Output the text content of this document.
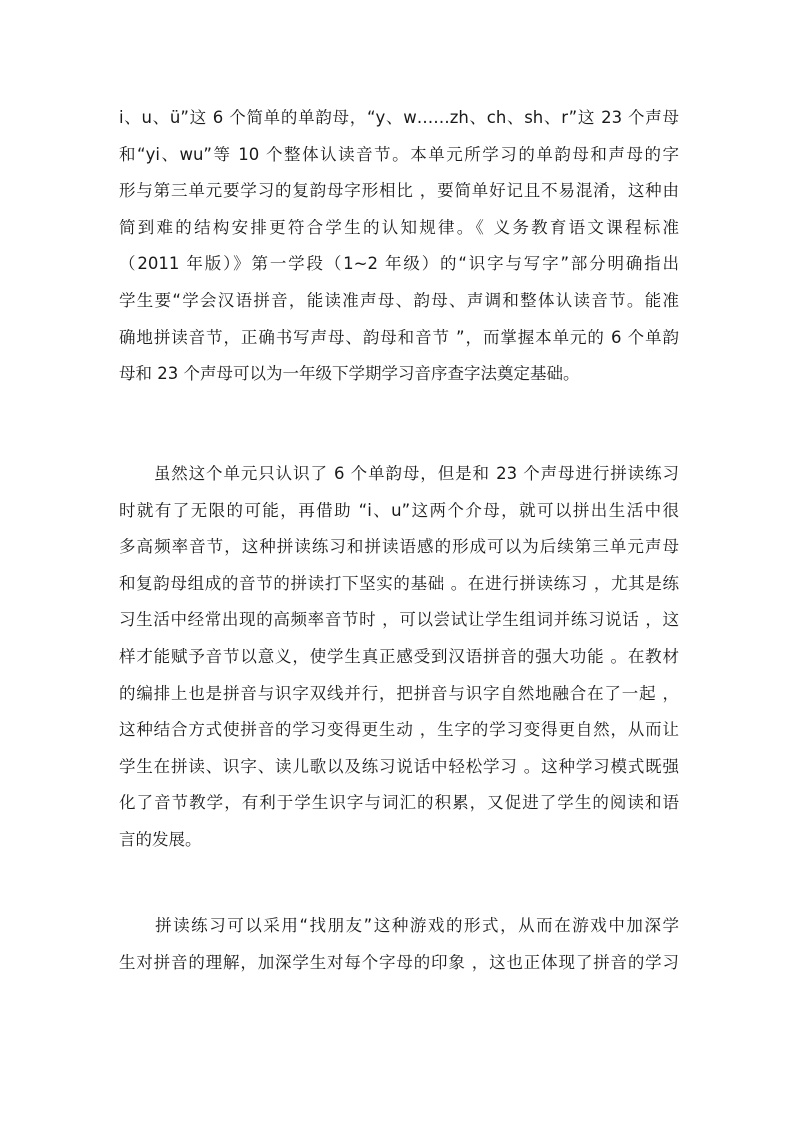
i、u、ü”这 6 个简单的单韵母，“y、w……zh、ch、sh、r”这 23 个声母
和“yi、wu”等 10 个整体认读音节。本单元所学习的单韵母和声母的字
形与第三单元要学习的复韵母字形相比 ，要简单好记且不易混淆，这种由
简到难的结构安排更符合学生的认知规律。《 义务教育语文课程标准
（2011 年版）》第一学段（1~2 年级）的“识字与写字”部分明确指出
学生要“学会汉语拼音，能读准声母、韵母、声调和整体认读音节。能准
确地拼读音节，正确书写声母、韵母和音节 ”，而掌握本单元的 6 个单韵
母和 23 个声母可以为一年级下学期学习音序查字法奠定基础。
　　虽然这个单元只认识了 6 个单韵母，但是和 23 个声母进行拼读练习
时就有了无限的可能，再借助 “i、u”这两个介母，就可以拼出生活中很
多高频率音节，这种拼读练习和拼读语感的形成可以为后续第三单元声母
和复韵母组成的音节的拼读打下坚实的基础 。在进行拼读练习 ，尤其是练
习生活中经常出现的高频率音节时 ，可以尝试让学生组词并练习说话 ，这
样才能赋予音节以意义，使学生真正感受到汉语拼音的强大功能 。在教材
的编排上也是拼音与识字双线并行，把拼音与识字自然地融合在了一起 ，
这种结合方式使拼音的学习变得更生动 ，生字的学习变得更自然，从而让
学生在拼读、识字、读儿歌以及练习说话中轻松学习 。这种学习模式既强
化了音节教学，有利于学生识字与词汇的积累，又促进了学生的阅读和语
言的发展。
　　拼读练习可以采用“找朋友”这种游戏的形式，从而在游戏中加深学
生对拼音的理解，加深学生对每个字母的印象 ，这也正体现了拼音的学习
